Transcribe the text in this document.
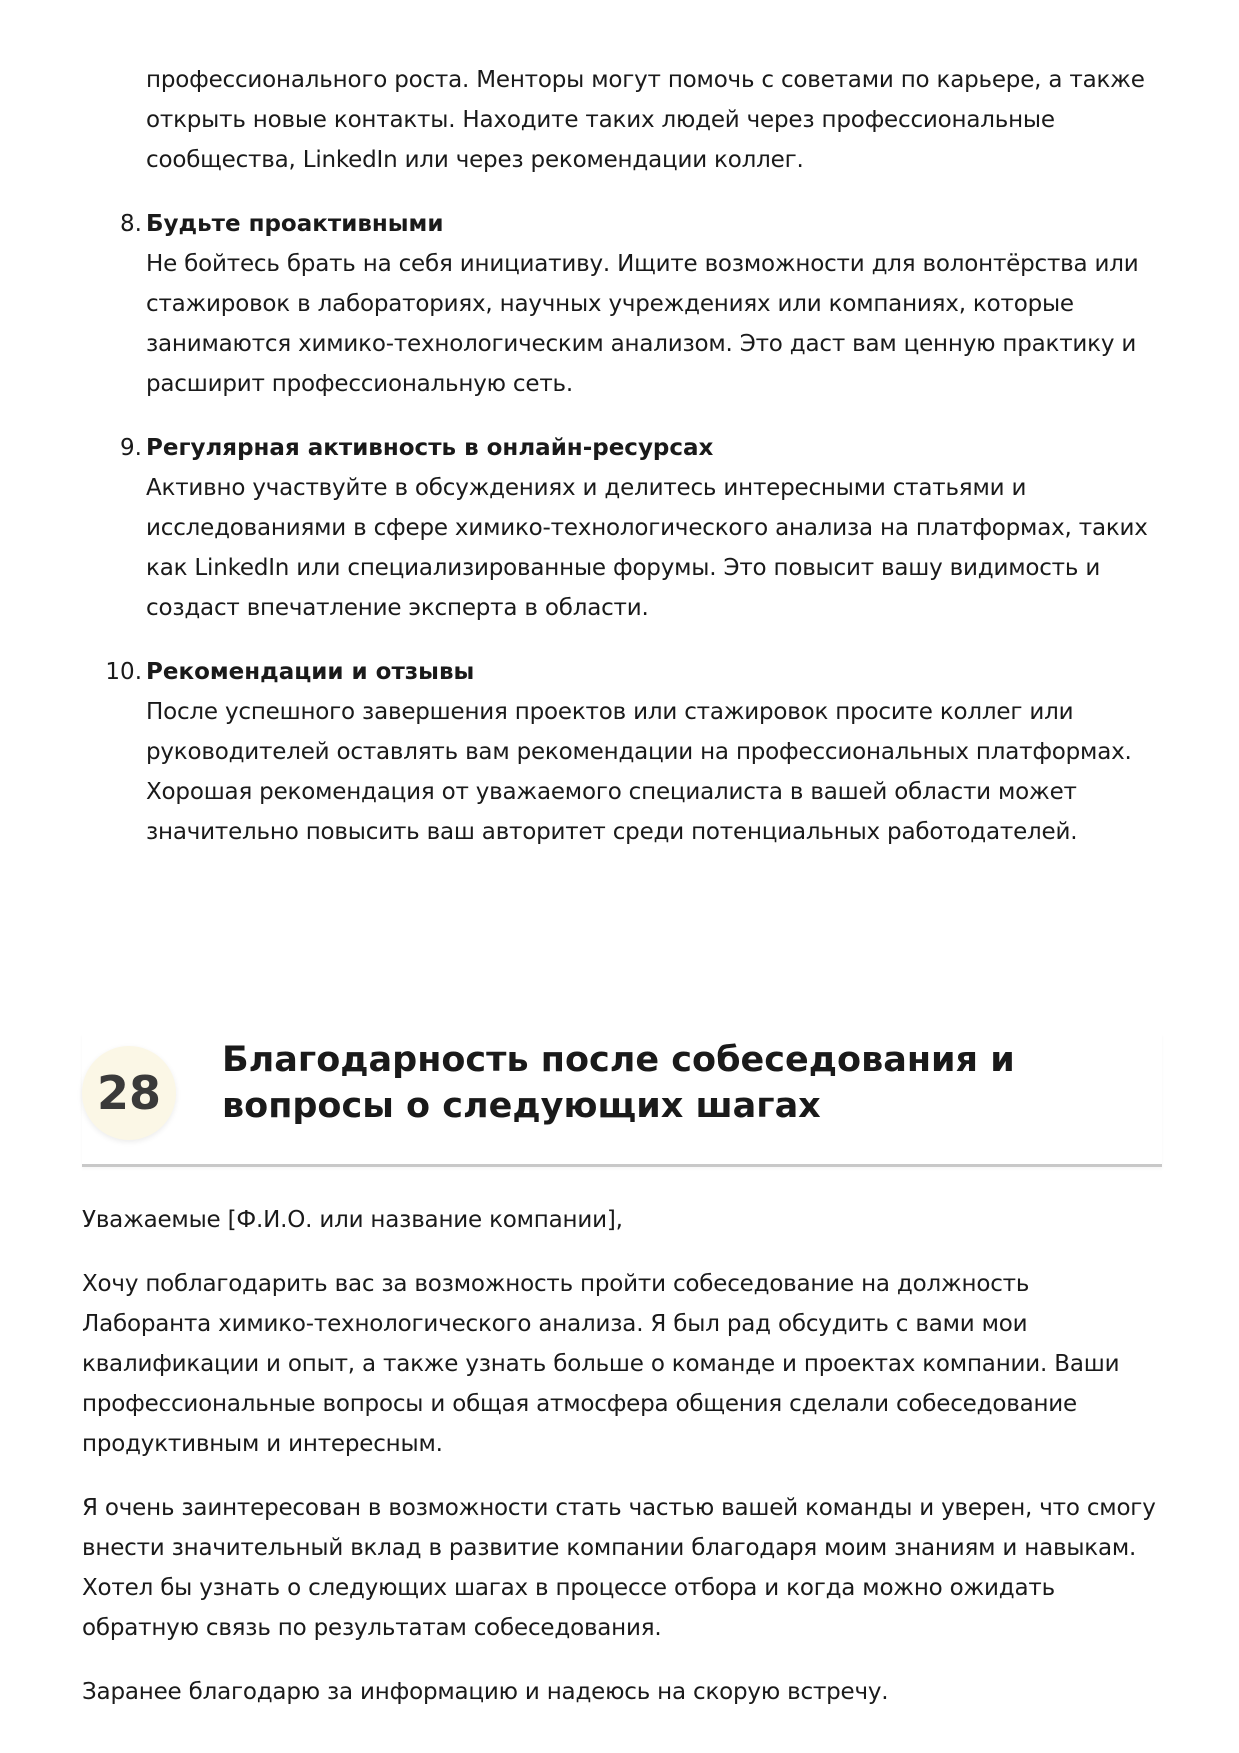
профессионального роста. Менторы могут помочь с советами по карьере, а также открыть новые контакты. Находите таких людей через профессиональные сообщества, LinkedIn или через рекомендации коллег.

8. Будьте проактивными

Не бойтесь брать на себя инициативу. Ищите возможности для волонтёрства или стажировок в лабораториях, научных учреждениях или компаниях, которые занимаются химико-технологическим анализом. Это даст вам ценную практику и расширит профессиональную сеть.

9. Регулярная активность в онлайн-ресурсах

Активно участвуйте в обсуждениях и делитесь интересными статьями и исследованиями в сфере химико-технологического анализа на платформах, таких как LinkedIn или специализированные форумы. Это повысит вашу видимость и создаст впечатление эксперта в области.

10. Рекомендации и отзывы

После успешного завершения проектов или стажировок просите коллег или руководителей оставлять вам рекомендации на профессиональных платформах. Хорошая рекомендация от уважаемого специалиста в вашей области может значительно повысить ваш авторитет среди потенциальных работодателей.

28
Благодарность после собеседования и вопросы о следующих шагах

Уважаемые [Ф.И.О. или название компании],

Хочу поблагодарить вас за возможность пройти собеседование на должность Лаборанта химико-технологического анализа. Я был рад обсудить с вами мои квалификации и опыт, а также узнать больше о команде и проектах компании. Ваши профессиональные вопросы и общая атмосфера общения сделали собеседование продуктивным и интересным.

Я очень заинтересован в возможности стать частью вашей команды и уверен, что смогу внести значительный вклад в развитие компании благодаря моим знаниям и навыкам. Хотел бы узнать о следующих шагах в процессе отбора и когда можно ожидать обратную связь по результатам собеседования.

Заранее благодарю за информацию и надеюсь на скорую встречу.
